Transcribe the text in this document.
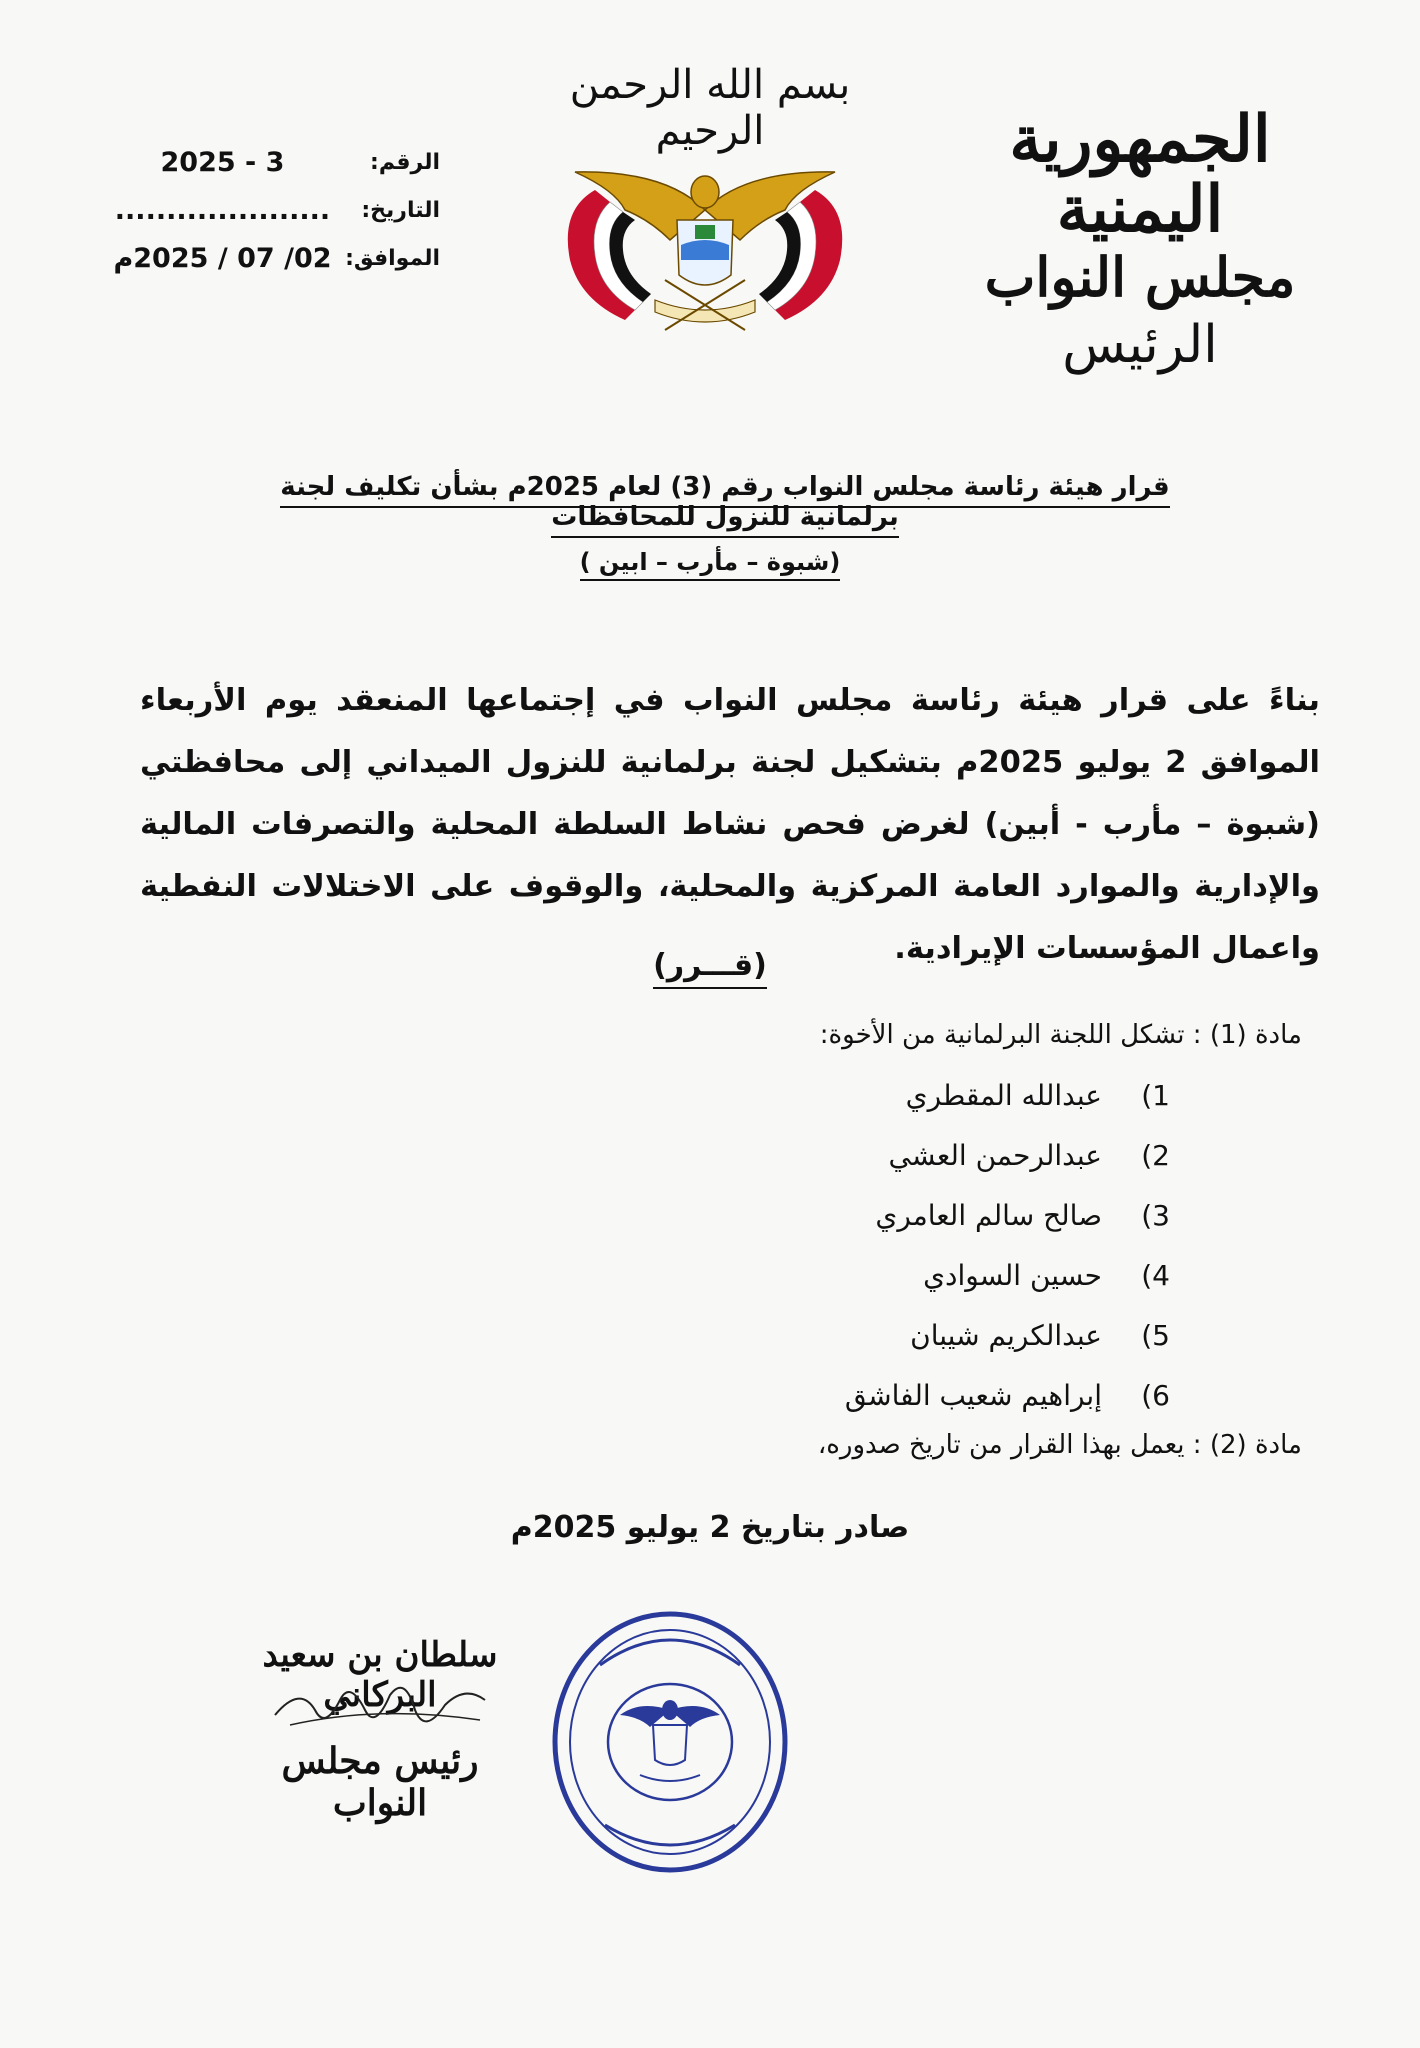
الجمهورية اليمنية
مجلس النواب
الرئيس
بسم الله الرحمن الرحيم
الرقم:
2025 - 3
التاريخ:
.....................
الموافق:
02/ 07 / 2025م
قرار هيئة رئاسة مجلس النواب رقم (3) لعام 2025م بشأن تكليف لجنة برلمانية للنزول للمحافظات
(شبوة – مأرب – ابين )
بناءً على قرار هيئة رئاسة مجلس النواب في إجتماعها المنعقد يوم الأربعاء الموافق 2 يوليو 2025م بتشكيل لجنة برلمانية للنزول الميداني إلى محافظتي (شبوة – مأرب - أبين) لغرض فحص نشاط السلطة المحلية والتصرفات المالية والإدارية والموارد العامة المركزية والمحلية، والوقوف على الاختلالات النفطية واعمال المؤسسات الإيرادية.
(قـــرر)
مادة (1) : تشكل اللجنة البرلمانية من الأخوة:
1)
عبدالله المقطري
2)
عبدالرحمن العشي
3)
صالح سالم العامري
4)
حسين السوادي
5)
عبدالكريم شيبان
6)
إبراهيم شعيب الفاشق
مادة (2) : يعمل بهذا القرار من تاريخ صدوره،
صادر بتاريخ 2 يوليو 2025م
سلطان بن سعيد البركاني
رئيس مجلس النواب
